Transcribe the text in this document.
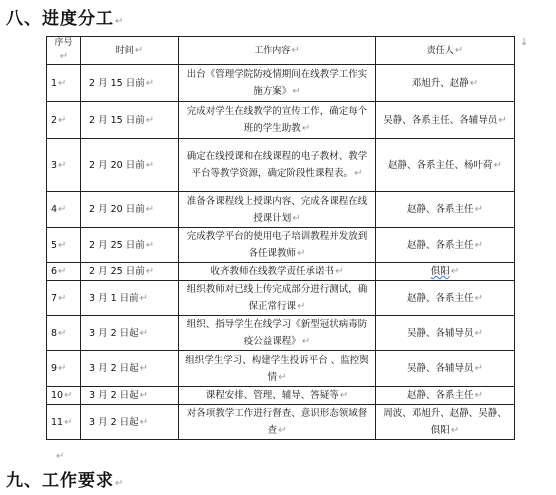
八、进度分工↵
↓
序号↵	时间↵	工作内容↵	责任人↵
1↵	2 月 15 日前↵	出台《管理学院防疫情期间在线教学工作实施方案》↵	邓旭升、赵静↵
2↵	2 月 15 日前↵	完成对学生在线教学的宣传工作，确定每个班的学生助教↵	吴静、各系主任、各辅导员↵
3↵	2 月 20 日前↵	确定在线授课和在线课程的电子教材、教学平台等教学资源，确定阶段性课程表。↵	赵静、各系主任、杨叶荷↵
4↵	2 月 20 日前↵	准备各课程线上授课内容、完成各课程在线授课计划↵	赵静、各系主任↵
5↵	2 月 25 日前↵	完成教学平台的使用电子培训教程并发放到各任课教师↵	赵静、各系主任↵
6↵	2 月 25 日前↵	收齐教师在线教学责任承诺书↵	俱阳↵
7↵	3 月 1 日前↵	组织教师对已线上传完成部分进行测试，确保正常行课↵	赵静、各系主任↵
8↵	3 月 2 日起↵	组织、指导学生在线学习《新型冠状病毒防疫公益课程》↵	吴静、各辅导员↵
9↵	3 月 2 日起↵	组织学生学习、构建学生投诉平台 、监控舆情↵	吴静、各辅导员↵
10↵	3 月 2 日起↵	课程安排、管理、辅导、答疑等↵	赵静、各系主任↵
11↵	3 月 2 日起↵	对各项教学工作进行督查、意识形态领域督查↵	周波、邓旭升、赵静、吴静、俱阳↵
↵
九、工作要求↵
